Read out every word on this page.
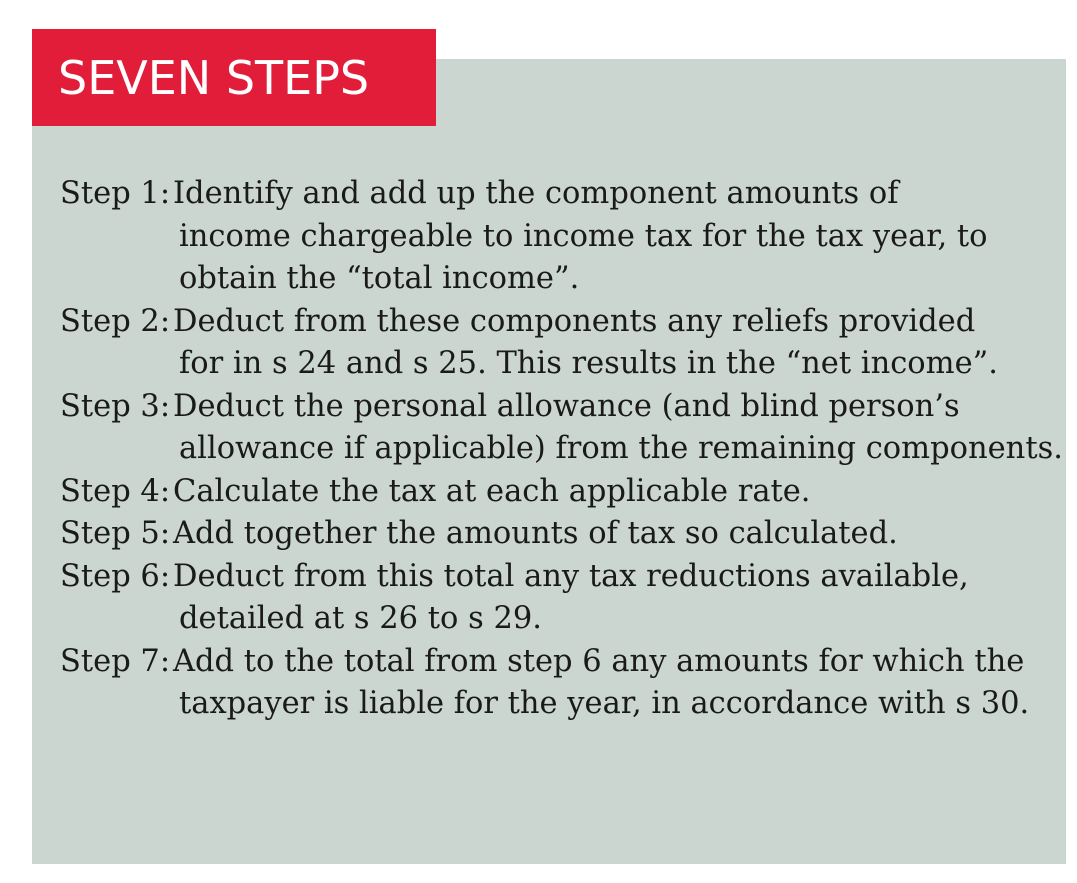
SEVEN STEPS
Step 1: Identify and add up the component amounts of
income chargeable to income tax for the tax year, to
obtain the “total income”.
Step 2: Deduct from these components any reliefs provided
for in s 24 and s 25. This results in the “net income”.
Step 3: Deduct the personal allowance (and blind person’s
allowance if applicable) from the remaining components.
Step 4: Calculate the tax at each applicable rate.
Step 5: Add together the amounts of tax so calculated.
Step 6: Deduct from this total any tax reductions available,
detailed at s 26 to s 29.
Step 7: Add to the total from step 6 any amounts for which the
taxpayer is liable for the year, in accordance with s 30.
